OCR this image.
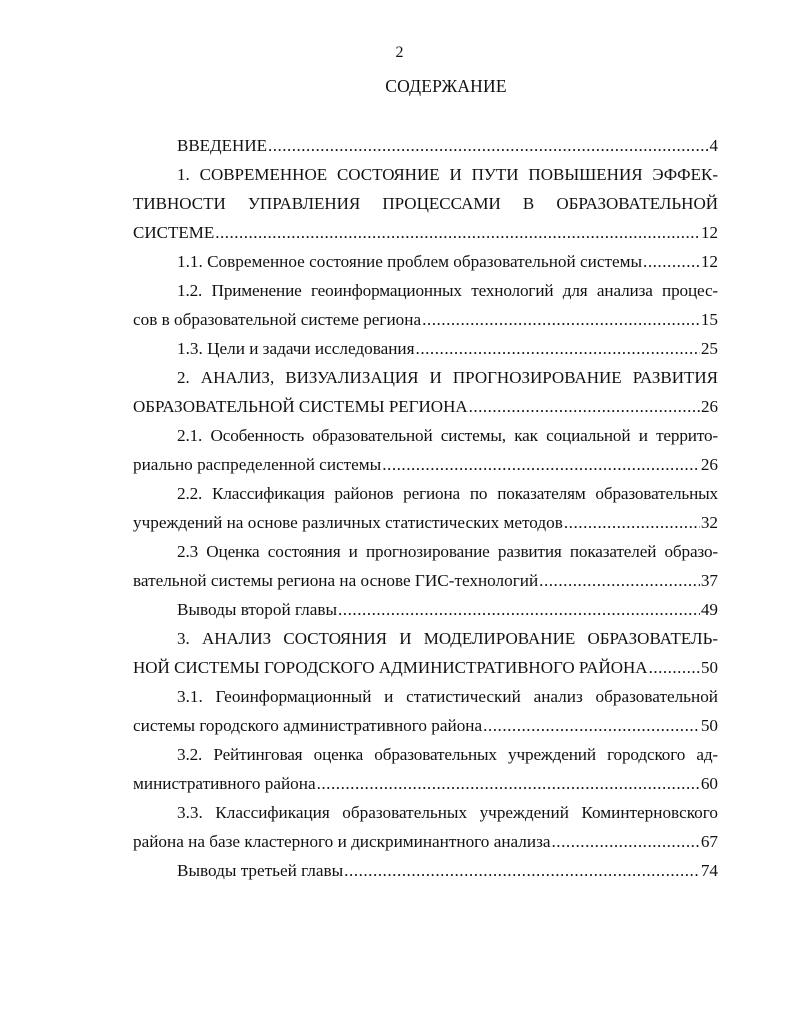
2
СОДЕРЖАНИЕ
ВВЕДЕНИЕ .....	4
1. СОВРЕМЕННОЕ СОСТОЯНИЕ И ПУТИ ПОВЫШЕНИЯ ЭФФЕК-
ТИВНОСТИ УПРАВЛЕНИЯ ПРОЦЕССАМИ В ОБРАЗОВАТЕЛЬНОЙ
СИСТЕМЕ .....	12
1.1. Современное состояние проблем образовательной системы .....	12
1.2. Применение геоинформационных технологий для анализа процес-
сов в образовательной системе региона .....	15
1.3. Цели и задачи исследования .....	25
2. АНАЛИЗ, ВИЗУАЛИЗАЦИЯ И ПРОГНОЗИРОВАНИЕ РАЗВИТИЯ
ОБРАЗОВАТЕЛЬНОЙ СИСТЕМЫ РЕГИОНА .....	26
2.1. Особенность образовательной системы, как социальной и террито-
риально распределенной системы .....	26
2.2. Классификация районов региона по показателям образовательных
учреждений на основе различных статистических методов .....	32
2.3 Оценка состояния и прогнозирование развития показателей образо-
вательной системы региона на основе ГИС-технологий .....	37
Выводы второй главы .....	49
3. АНАЛИЗ СОСТОЯНИЯ И МОДЕЛИРОВАНИЕ ОБРАЗОВАТЕЛЬ-
НОЙ СИСТЕМЫ ГОРОДСКОГО АДМИНИСТРАТИВНОГО РАЙОНА .....	50
3.1. Геоинформационный и статистический анализ образовательной
системы городского административного района .....	50
3.2. Рейтинговая оценка образовательных учреждений городского ад-
министративного района .....	60
3.3. Классификация образовательных учреждений Коминтерновского
района на базе кластерного и дискриминантного анализа .....	67
Выводы третьей главы .....	74
